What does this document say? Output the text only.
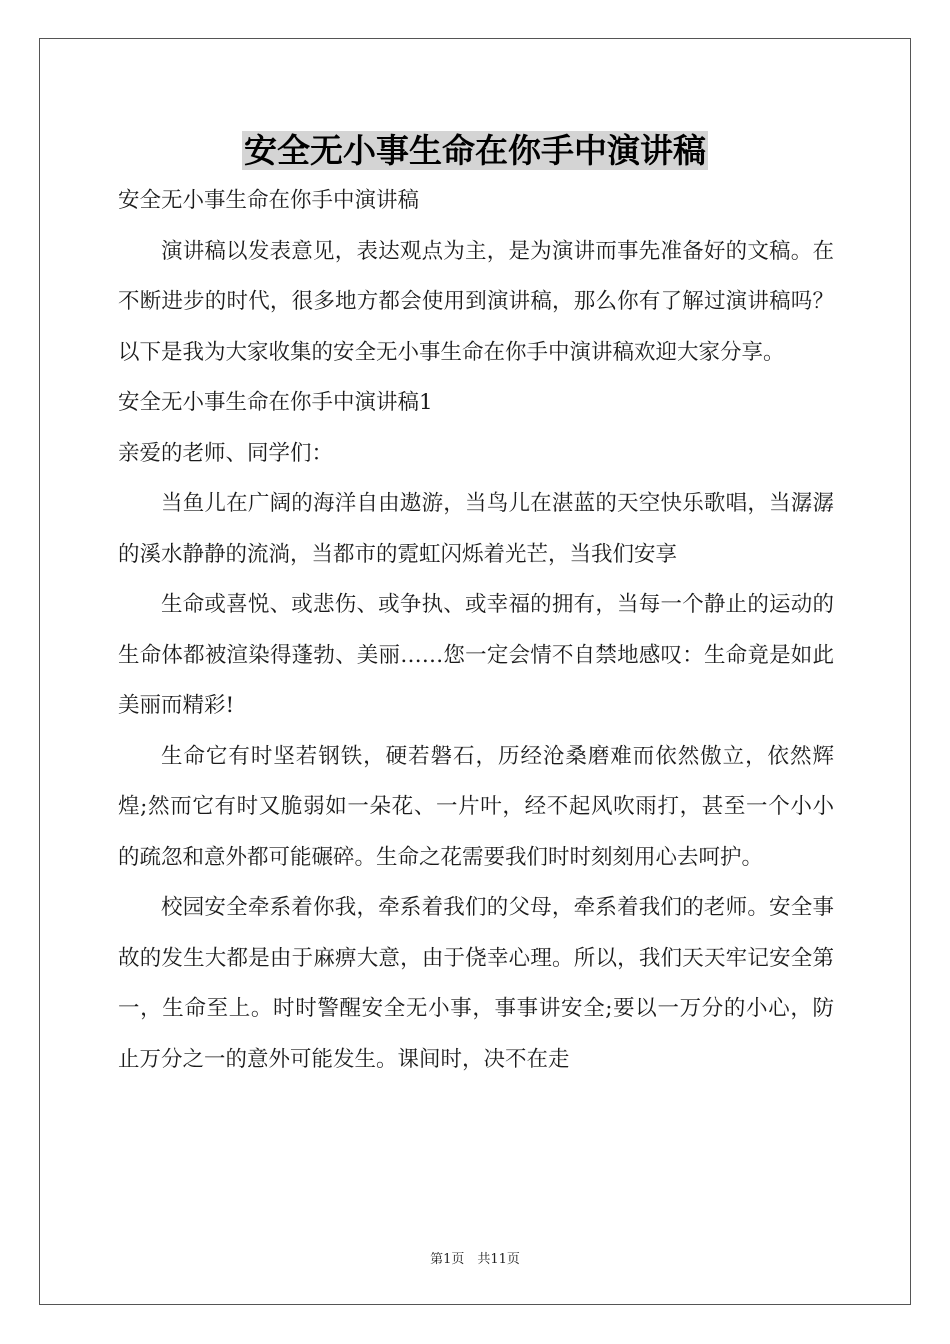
安全无小事生命在你手中演讲稿

安全无小事生命在你手中演讲稿

演讲稿以发表意见，表达观点为主，是为演讲而事先准备好的文稿。在不断进步的时代，很多地方都会使用到演讲稿，那么你有了解过演讲稿吗？以下是我为大家收集的安全无小事生命在你手中演讲稿欢迎大家分享。

安全无小事生命在你手中演讲稿1

亲爱的老师、同学们：

当鱼儿在广阔的海洋自由遨游，当鸟儿在湛蓝的天空快乐歌唱，当潺潺的溪水静静的流淌，当都市的霓虹闪烁着光芒，当我们安享

生命或喜悦、或悲伤、或争执、或幸福的拥有，当每一个静止的运动的生命体都被渲染得蓬勃、美丽……您一定会情不自禁地感叹：生命竟是如此美丽而精彩!

生命它有时坚若钢铁，硬若磐石，历经沧桑磨难而依然傲立，依然辉煌;然而它有时又脆弱如一朵花、一片叶，经不起风吹雨打，甚至一个小小的疏忽和意外都可能碾碎。生命之花需要我们时时刻刻用心去呵护。

校园安全牵系着你我，牵系着我们的父母，牵系着我们的老师。安全事故的发生大都是由于麻痹大意，由于侥幸心理。所以，我们天天牢记安全第一，生命至上。时时警醒安全无小事，事事讲安全;要以一万分的小心，防止万分之一的意外可能发生。课间时，决不在走

第1页　共11页
